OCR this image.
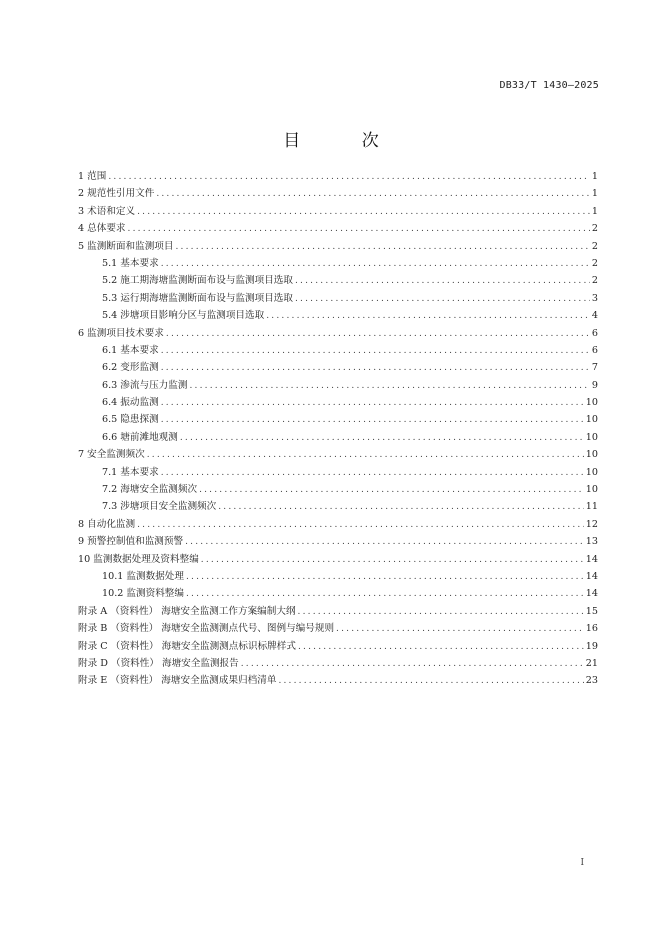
DB33/T 1430—2025
目 次
1 范围 .....	1
2 规范性引用文件 .....	1
3 术语和定义 .....	1
4 总体要求 .....	2
5 监测断面和监测项目 .....	2
5.1 基本要求 .....	2
5.2 施工期海塘监测断面布设与监测项目选取 .....	2
5.3 运行期海塘监测断面布设与监测项目选取 .....	3
5.4 涉塘项目影响分区与监测项目选取 .....	4
6 监测项目技术要求 .....	6
6.1 基本要求 .....	6
6.2 变形监测 .....	7
6.3 渗流与压力监测 .....	9
6.4 振动监测 .....	10
6.5 隐患探测 .....	10
6.6 塘前滩地观测 .....	10
7 安全监测频次 .....	10
7.1 基本要求 .....	10
7.2 海塘安全监测频次 .....	10
7.3 涉塘项目安全监测频次 .....	11
8 自动化监测 .....	12
9 预警控制值和监测预警 .....	13
10 监测数据处理及资料整编 .....	14
10.1 监测数据处理 .....	14
10.2 监测资料整编 .....	14
附录 A （资料性） 海塘安全监测工作方案编制大纲 .....	15
附录 B （资料性） 海塘安全监测测点代号、图例与编号规则 .....	16
附录 C （资料性） 海塘安全监测测点标识标牌样式 .....	19
附录 D （资料性） 海塘安全监测报告 .....	21
附录 E （资料性） 海塘安全监测成果归档清单 .....	23
I
